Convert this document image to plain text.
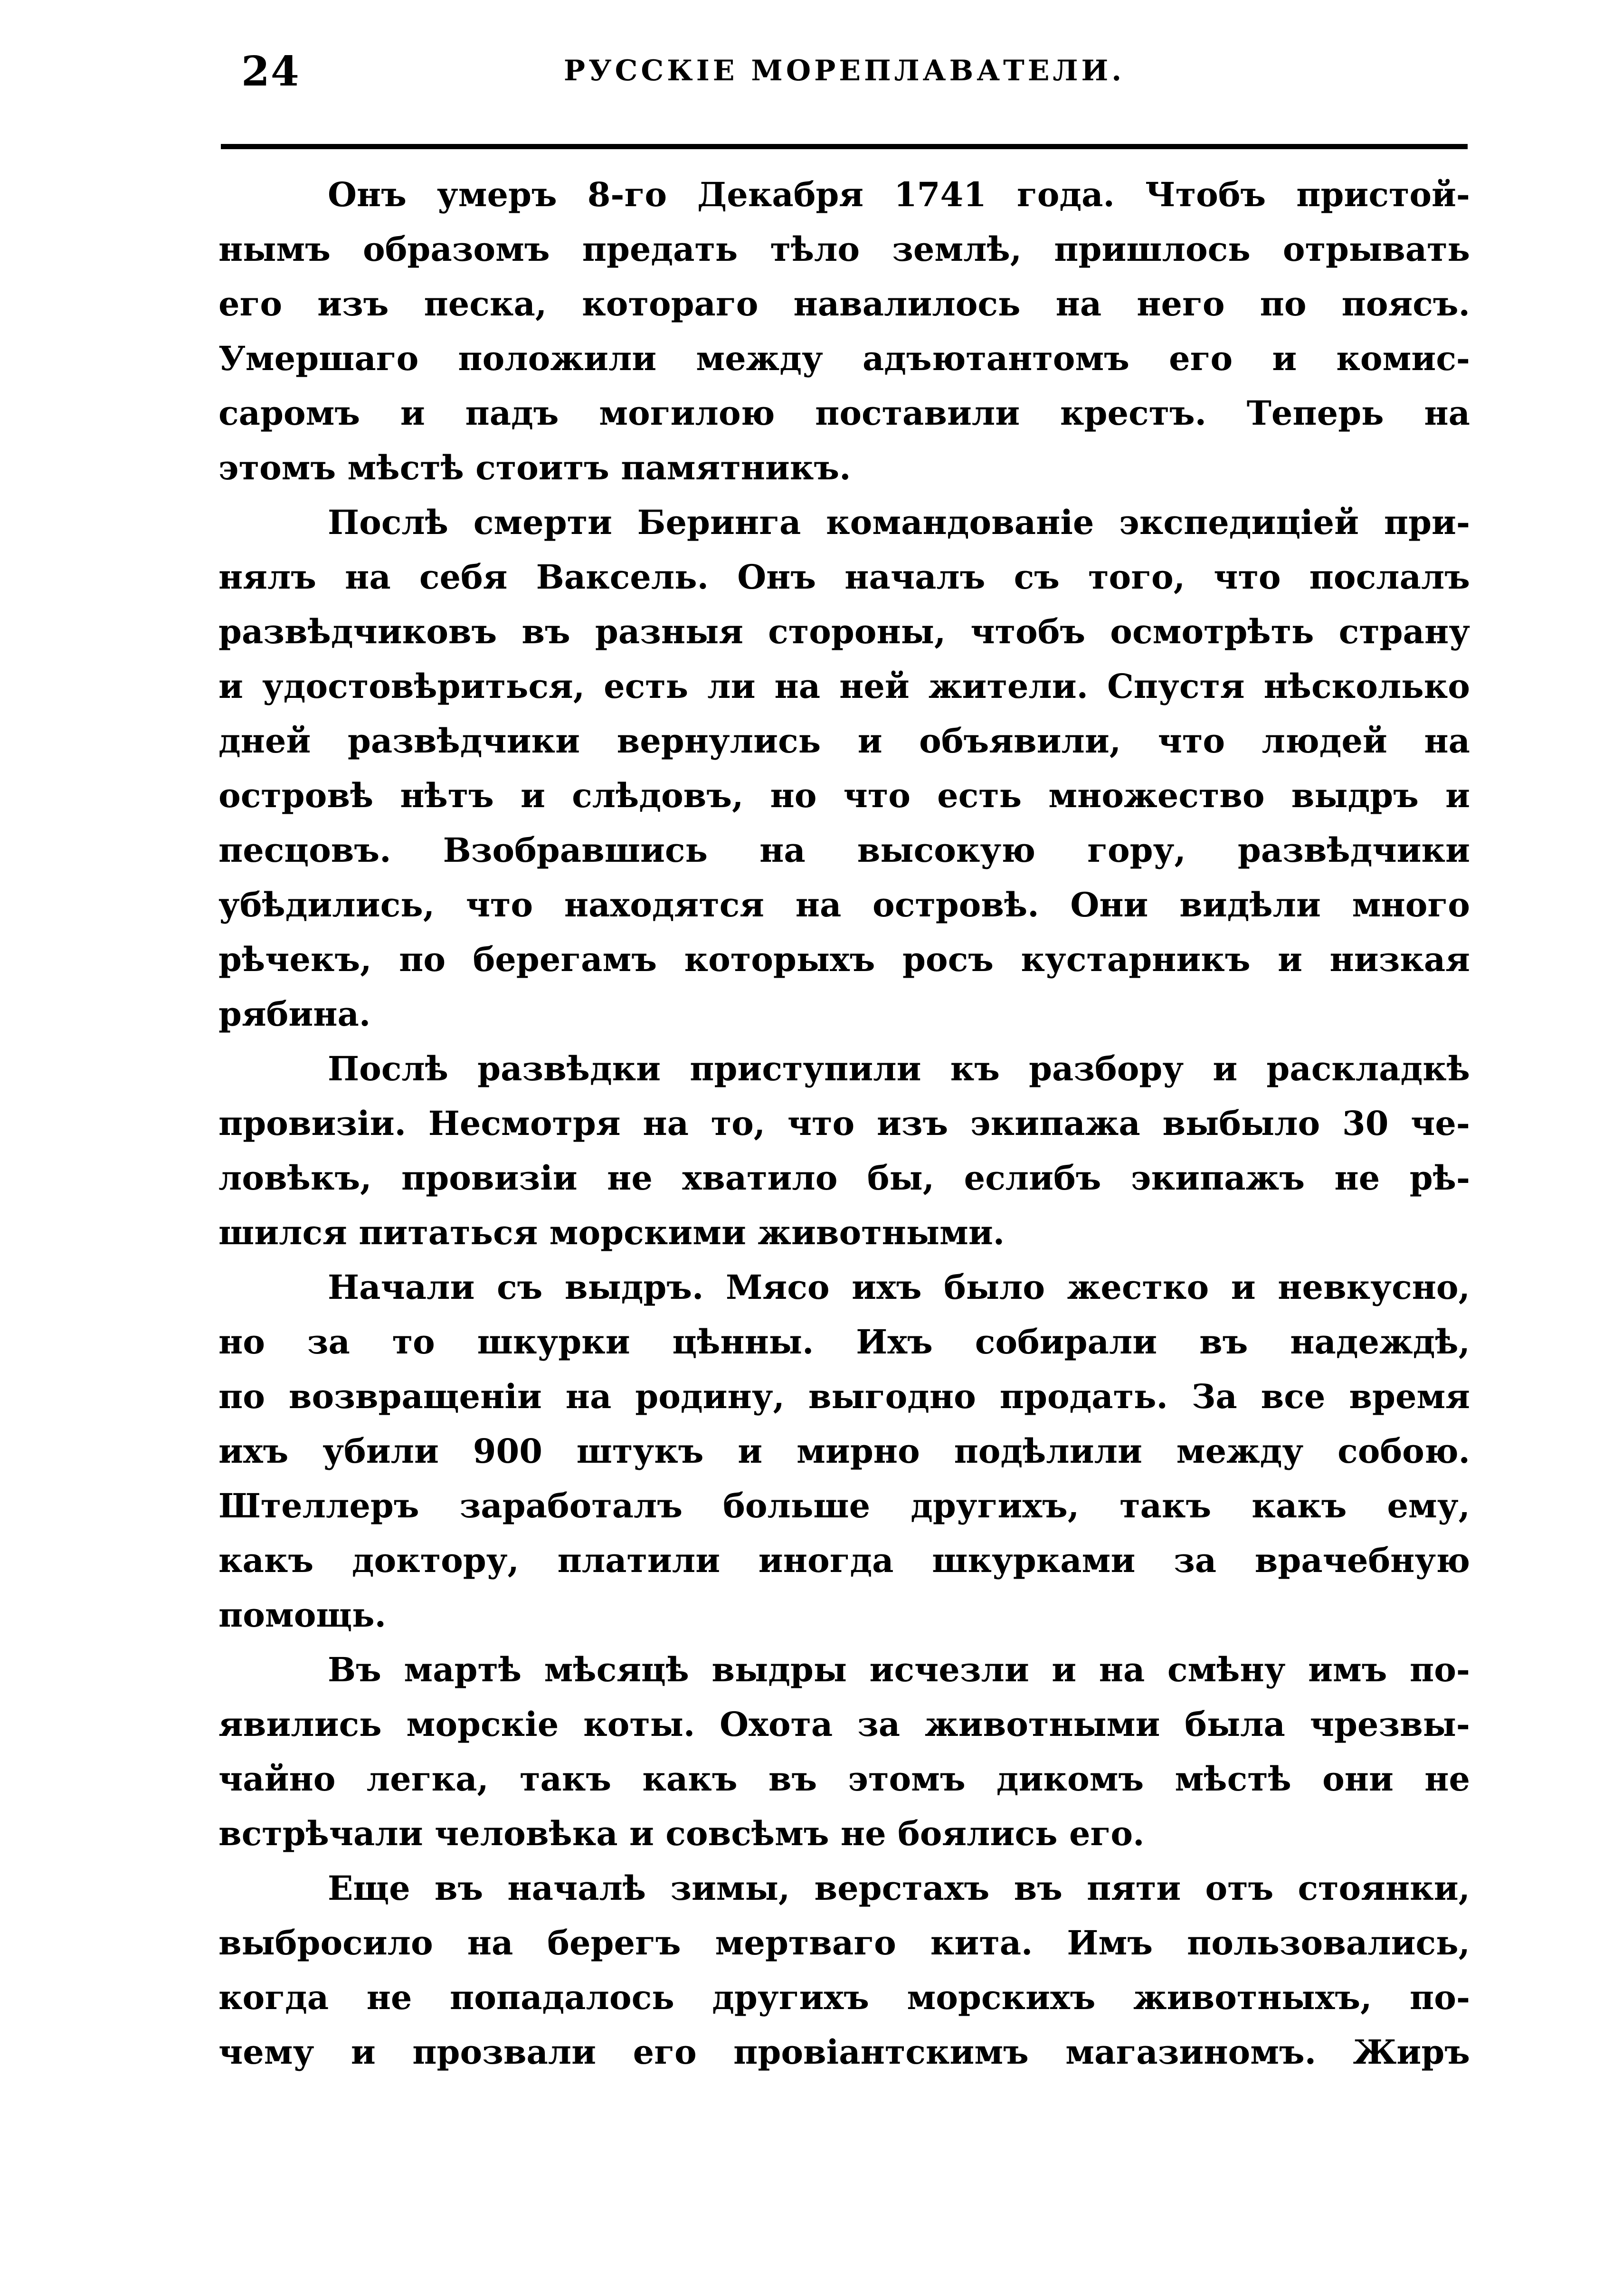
24	РУССКІЕ МОРЕПЛАВАТЕЛИ.
Онъ умеръ 8-го Декабря 1741 года. Чтобъ пристой-
нымъ образомъ предать тѣло землѣ, пришлось отрывать
его изъ песка, котораго навалилось на него по поясъ.
Умершаго положили между адъютантомъ его и комис-
саромъ и падъ могилою поставили крестъ. Теперь на
этомъ мѣстѣ стоитъ памятникъ.
Послѣ смерти Беринга командованіе экспедиціей при-
нялъ на себя Ваксель. Онъ началъ съ того, что послалъ
развѣдчиковъ въ разныя стороны, чтобъ осмотрѣть страну
и удостовѣриться, есть ли на ней жители. Спустя нѣсколько
дней развѣдчики вернулись и объявили, что людей на
островѣ нѣтъ и слѣдовъ, но что есть множество выдръ и
песцовъ. Взобравшись на высокую гору, развѣдчики
убѣдились, что находятся на островѣ. Они видѣли много
рѣчекъ, по берегамъ которыхъ росъ кустарникъ и низкая
рябина.
Послѣ развѣдки приступили къ разбору и раскладкѣ
провизіи. Несмотря на то, что изъ экипажа выбыло 30 че-
ловѣкъ, провизіи не хватило бы, еслибъ экипажъ не рѣ-
шился питаться морскими животными.
Начали съ выдръ. Мясо ихъ было жестко и невкусно,
но за то шкурки цѣнны. Ихъ собирали въ надеждѣ,
по возвращеніи на родину, выгодно продать. За все время
ихъ убили 900 штукъ и мирно подѣлили между собою.
Штеллеръ заработалъ больше другихъ, такъ какъ ему,
какъ доктору, платили иногда шкурками за врачебную
помощь.
Въ мартѣ мѣсяцѣ выдры исчезли и на смѣну имъ по-
явились морскіе коты. Охота за животными была чрезвы-
чайно легка, такъ какъ въ этомъ дикомъ мѣстѣ они не
встрѣчали человѣка и совсѣмъ не боялись его.
Еще въ началѣ зимы, верстахъ въ пяти отъ стоянки,
выбросило на берегъ мертваго кита. Имъ пользовались,
когда не попадалось другихъ морскихъ животныхъ, по-
чему и прозвали его провіантскимъ магазиномъ. Жиръ
